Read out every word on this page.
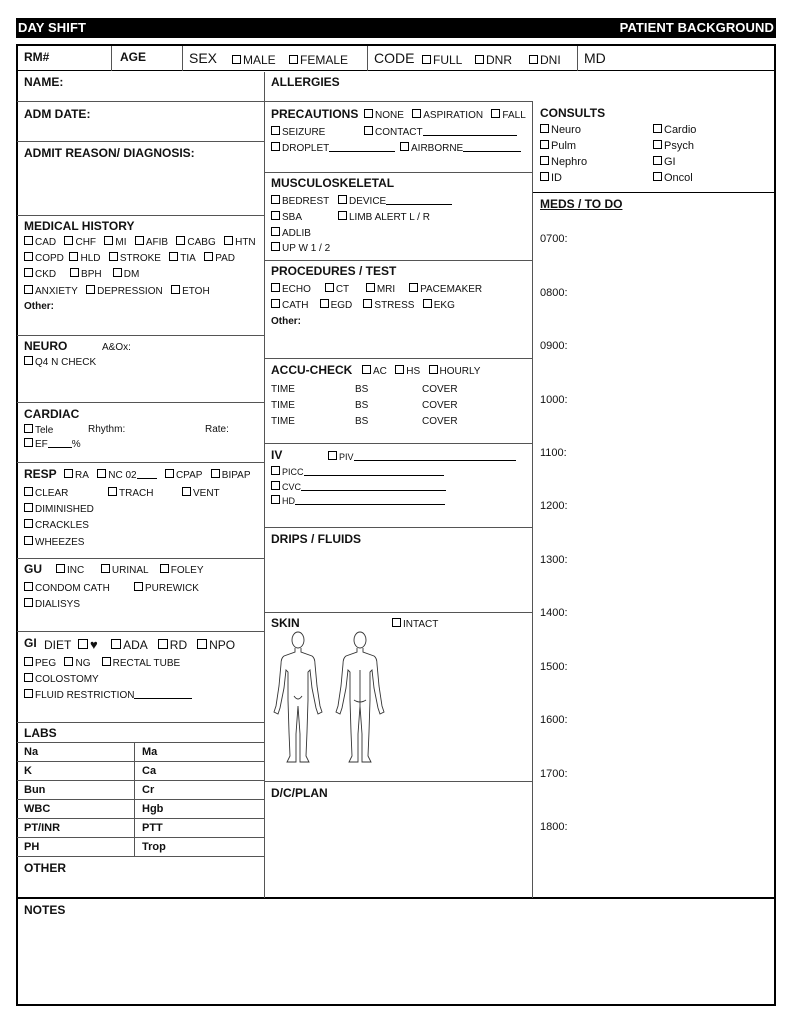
DAY SHIFT	PATIENT BACKGROUND
RM#	AGE	SEX	MALE	FEMALE CODE	FULL	DNR	DNI MD
NAME:
ADM DATE:
ADMIT REASON/ DIAGNOSIS:
MEDICAL HISTORY
CAD CHF MI AFIB CABG HTN
COPD HLD STROKE TIA PAD
CKD BPH DM
ANXIETY DEPRESSION ETOH
Other:
NEURO	A&Ox:
Q4 N CHECK
CARDIAC
Tele	Rhythm:	Rate:
EF %
RESP	RA NC 02	CPAP BIPAP
CLEAR	TRACH	VENT
DIMINISHED
CRACKLES
WHEEZES
GU	INC	URINAL FOLEY
CONDOM CATH	PUREWICK
DIALISYS
GI DIET ♥ ADA RD NPO
PEG NG RECTAL TUBE
COLOSTOMY
FLUID RESTRICTION
LABS
Na	Ma
K	Ca
Bun	Cr
WBC	Hgb
PT/INR	PTT
PH	Trop
OTHER
ALLERGIES
PRECAUTIONS	NONE ASPIRATION FALL
SEIZURE	CONTACT
DROPLET	AIRBORNE
MUSCULOSKELETAL
BEDREST	DEVICE
SBA	LIMB ALERT L / R
ADLIB
UP W 1 / 2
PROCEDURES / TEST
ECHO CT	MRI PACEMAKER
CATH EGD STRESS EKG
Other:
ACCU-CHECK	AC HS HOURLY
TIME	BS	COVER
TIME	BS	COVER
TIME	BS	COVER
IV	PIV
PICC
CVC
HD
DRIPS / FLUIDS
SKIN	INTACT
D/C/PLAN
CONSULTS
Neuro	Cardio
Pulm	Psych
Nephro	GI
ID	Oncol
MEDS / TO DO
0700:
0800:
0900:
1000:
1100:
1200:
1300:
1400:
1500:
1600:
1700:
1800:
NOTES
